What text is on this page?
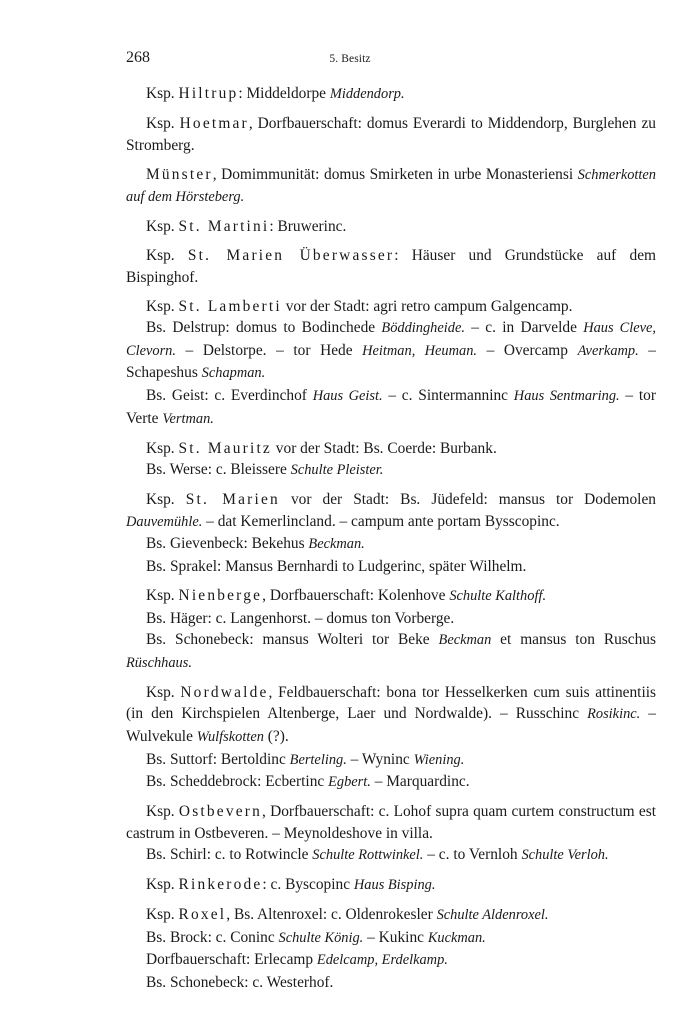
268	5. Besitz

Ksp. Hiltrup: Middeldorpe Middendorp.

Ksp. Hoetmar, Dorfbauerschaft: domus Everardi to Middendorp, Burglehen zu Stromberg.

Münster, Domimmunität: domus Smirketen in urbe Monasteriensi Schmerkotten auf dem Hörsteberg.

Ksp. St. Martini: Bruwerinc.

Ksp. St. Marien Überwasser: Häuser und Grundstücke auf dem Bispinghof.

Ksp. St. Lamberti vor der Stadt: agri retro campum Galgencamp.

Bs. Delstrup: domus to Bodinchede Böddingheide. – c. in Darvelde Haus Cleve, Clevorn. – Delstorpe. – tor Hede Heitman, Heuman. – Overcamp Averkamp. – Schapeshus Schapman.

Bs. Geist: c. Everdinchof Haus Geist. – c. Sintermanninc Haus Sentmaring. – tor Verte Vertman.

Ksp. St. Mauritz vor der Stadt: Bs. Coerde: Burbank.

Bs. Werse: c. Bleissere Schulte Pleister.

Ksp. St. Marien vor der Stadt: Bs. Jüdefeld: mansus tor Dodemolen Dauvemühle. – dat Kemerlincland. – campum ante portam Bysscopinc.

Bs. Gievenbeck: Bekehus Beckman.

Bs. Sprakel: Mansus Bernhardi to Ludgerinc, später Wilhelm.

Ksp. Nienberge, Dorfbauerschaft: Kolenhove Schulte Kalthoff.

Bs. Häger: c. Langenhorst. – domus ton Vorberge.

Bs. Schonebeck: mansus Wolteri tor Beke Beckman et mansus ton Ruschus Rüschhaus.

Ksp. Nordwalde, Feldbauerschaft: bona tor Hesselkerken cum suis attinentiis (in den Kirchspielen Altenberge, Laer und Nordwalde). – Russchinc Rosikinc. – Wulvekule Wulfskotten (?).

Bs. Suttorf: Bertoldinc Berteling. – Wyninc Wiening.

Bs. Scheddebrock: Ecbertinc Egbert. – Marquardinc.

Ksp. Ostbevern, Dorfbauerschaft: c. Lohof supra quam curtem constructum est castrum in Ostbeveren. – Meynoldeshove in villa.

Bs. Schirl: c. to Rotwincle Schulte Rottwinkel. – c. to Vernloh Schulte Verloh.

Ksp. Rinkerode: c. Byscopinc Haus Bisping.

Ksp. Roxel, Bs. Altenroxel: c. Oldenrokesler Schulte Aldenroxel.

Bs. Brock: c. Coninc Schulte König. – Kukinc Kuckman.

Dorfbauerschaft: Erlecamp Edelcamp, Erdelkamp.

Bs. Schonebeck: c. Westerhof.
